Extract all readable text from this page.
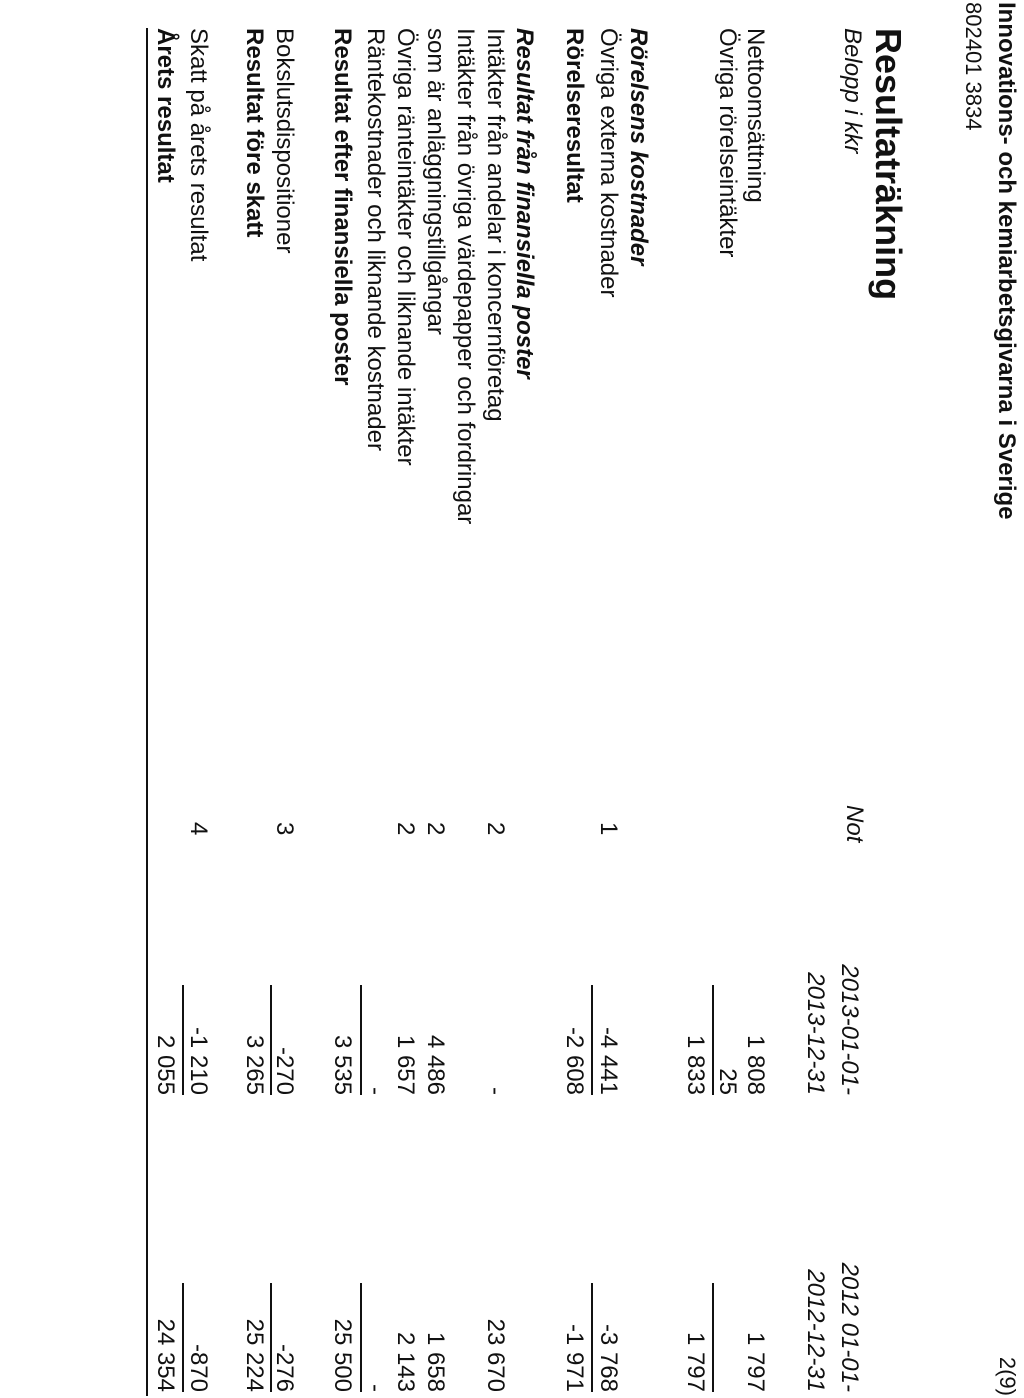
Innovations- och kemiarbetsgivarna i Sverige
802401 3834
2(9)
Resultaträkning
Belopp i kkr
Not
2013-01-01-
2013-12-31
2012 01-01-
2012-12-31
Nettoomsättning
1 808
1 797
Övriga rörelseintäkter
25
1 833
1 797
Rörelsens kostnader
Övriga externa kostnader
1
-4 441
-3 768
Rörelseresultat
-2 608
-1 971
Resultat från finansiella poster
Intäkter från andelar i koncernföretag
2
-
23 670
Intäkter från övriga värdepapper och fordringar
som är anläggningstillgångar
2
4 486
1 658
Övriga ränteintäkter och liknande intäkter
2
1 657
2 143
Räntekostnader och liknande kostnader
-
-
Resultat efter finansiella poster
3 535
25 500
Bokslutsdispositioner
3
-270
-276
Resultat före skatt
3 265
25 224
Skatt på årets resultat
4
-1 210
-870
Årets resultat
2 055
24 354
